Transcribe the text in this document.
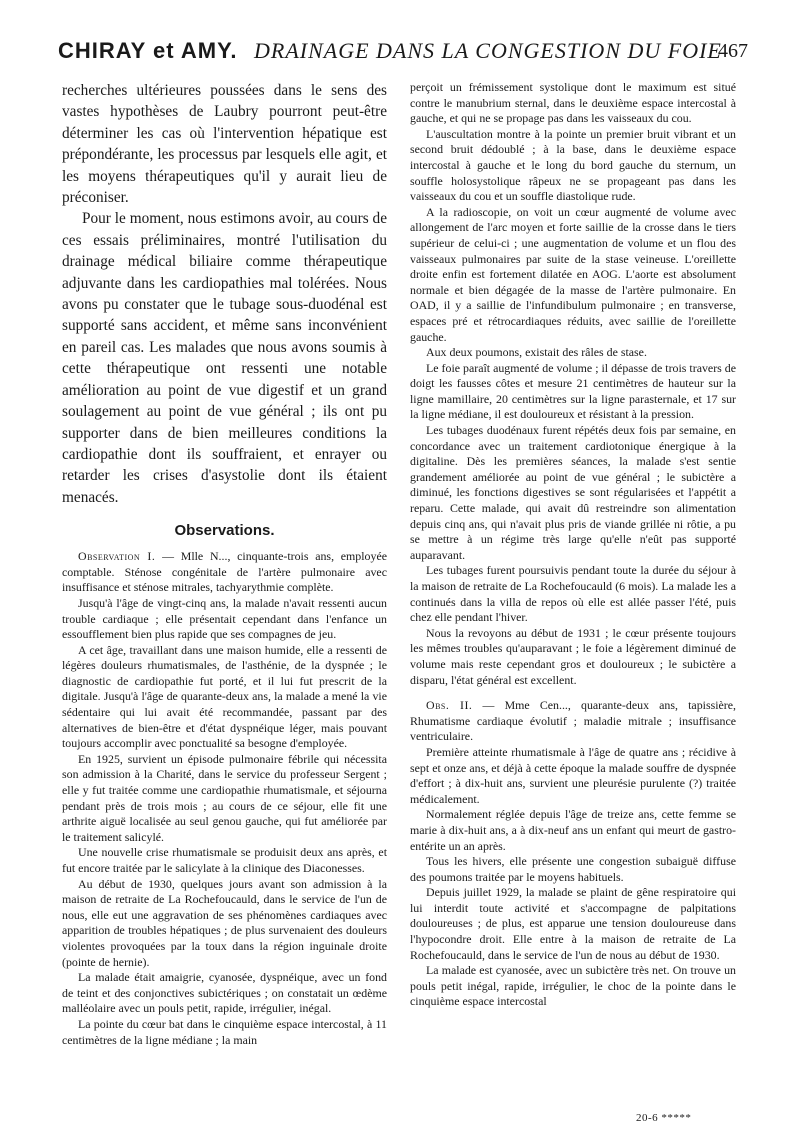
CHIRAY et AMY. DRAINAGE DANS LA CONGESTION DU FOIE
467

recherches ultérieures poussées dans le sens des vastes hypothèses de Laubry pourront peut-être déterminer les cas où l'intervention hépatique est prépondérante, les processus par lesquels elle agit, et les moyens thérapeutiques qu'il y aurait lieu de préconiser.

Pour le moment, nous estimons avoir, au cours de ces essais préliminaires, montré l'utilisation du drainage médical biliaire comme thérapeutique adjuvante dans les cardiopathies mal tolérées. Nous avons pu constater que le tubage sous-duodénal est supporté sans accident, et même sans inconvénient en pareil cas. Les malades que nous avons soumis à cette thérapeutique ont ressenti une notable amélioration au point de vue digestif et un grand soulagement au point de vue général ; ils ont pu supporter dans de bien meilleures conditions la cardiopathie dont ils souffraient, et enrayer ou retarder les crises d'asystolie dont ils étaient menacés.

Observations.

Observation I. — Mlle N..., cinquante-trois ans, employée comptable. Sténose congénitale de l'artère pulmonaire avec insuffisance et sténose mitrales, tachyarythmie complète.

Jusqu'à l'âge de vingt-cinq ans, la malade n'avait ressenti aucun trouble cardiaque ; elle présentait cependant dans l'enfance un essoufflement bien plus rapide que ses compagnes de jeu.

A cet âge, travaillant dans une maison humide, elle a ressenti de légères douleurs rhumatismales, de l'asthénie, de la dyspnée ; le diagnostic de cardiopathie fut porté, et il lui fut prescrit de la digitale. Jusqu'à l'âge de quarante-deux ans, la malade a mené la vie sédentaire qui lui avait été recommandée, passant par des alternatives de bien-être et d'état dyspnéique léger, mais pouvant toujours accomplir avec ponctualité sa besogne d'employée.

En 1925, survient un épisode pulmonaire fébrile qui nécessita son admission à la Charité, dans le service du professeur Sergent ; elle y fut traitée comme une cardiopathie rhumatismale, et séjourna pendant près de trois mois ; au cours de ce séjour, elle fit une arthrite aiguë localisée au seul genou gauche, qui fut améliorée par le traitement salicylé.

Une nouvelle crise rhumatismale se produisit deux ans après, et fut encore traitée par le salicylate à la clinique des Diaconesses.

Au début de 1930, quelques jours avant son admission à la maison de retraite de La Rochefoucauld, dans le service de l'un de nous, elle eut une aggravation de ses phénomènes cardiaques avec apparition de troubles hépatiques ; de plus survenaient des douleurs violentes provoquées par la toux dans la région inguinale droite (pointe de hernie).

La malade était amaigrie, cyanosée, dyspnéique, avec un fond de teint et des conjonctives subictériques ; on constatait un œdème malléolaire avec un pouls petit, rapide, irrégulier, inégal.

La pointe du cœur bat dans le cinquième espace intercostal, à 11 centimètres de la ligne médiane ; la main

perçoit un frémissement systolique dont le maximum est situé contre le manubrium sternal, dans le deuxième espace intercostal à gauche, et qui ne se propage pas dans les vaisseaux du cou.

L'auscultation montre à la pointe un premier bruit vibrant et un second bruit dédoublé ; à la base, dans le deuxième espace intercostal à gauche et le long du bord gauche du sternum, un souffle holosystolique râpeux ne se propageant pas dans les vaisseaux du cou et un souffle diastolique rude.

A la radioscopie, on voit un cœur augmenté de volume avec allongement de l'arc moyen et forte saillie de la crosse dans le tiers supérieur de celui-ci ; une augmentation de volume et un flou des vaisseaux pulmonaires par suite de la stase veineuse. L'oreillette droite enfin est fortement dilatée en AOG. L'aorte est absolument normale et bien dégagée de la masse de l'artère pulmonaire. En OAD, il y a saillie de l'infundibulum pulmonaire ; en transverse, espaces pré et rétrocardiaques réduits, avec saillie de l'oreillette gauche.

Aux deux poumons, existait des râles de stase.

Le foie paraît augmenté de volume ; il dépasse de trois travers de doigt les fausses côtes et mesure 21 centimètres de hauteur sur la ligne mamillaire, 20 centimètres sur la ligne parasternale, et 17 sur la ligne médiane, il est douloureux et résistant à la pression.

Les tubages duodénaux furent répétés deux fois par semaine, en concordance avec un traitement cardiotonique énergique à la digitaline. Dès les premières séances, la malade s'est sentie grandement améliorée au point de vue général ; le subictère a diminué, les fonctions digestives se sont régularisées et l'appétit a reparu. Cette malade, qui avait dû restreindre son alimentation depuis cinq ans, qui n'avait plus pris de viande grillée ni rôtie, a pu se mettre à un régime très large qu'elle n'eût pas supporté auparavant.

Les tubages furent poursuivis pendant toute la durée du séjour à la maison de retraite de La Rochefoucauld (6 mois). La malade les a continués dans la villa de repos où elle est allée passer l'été, puis chez elle pendant l'hiver.

Nous la revoyons au début de 1931 ; le cœur présente toujours les mêmes troubles qu'auparavant ; le foie a légèrement diminué de volume mais reste cependant gros et douloureux ; le subictère a disparu, l'état général est excellent.

Obs. II. — Mme Cen..., quarante-deux ans, tapissière, Rhumatisme cardiaque évolutif ; maladie mitrale ; insuffisance ventriculaire.

Première atteinte rhumatismale à l'âge de quatre ans ; récidive à sept et onze ans, et déjà à cette époque la malade souffre de dyspnée d'effort ; à dix-huit ans, survient une pleurésie purulente (?) traitée médicalement.

Normalement réglée depuis l'âge de treize ans, cette femme se marie à dix-huit ans, a à dix-neuf ans un enfant qui meurt de gastro-entérite un an après.

Tous les hivers, elle présente une congestion subaiguë diffuse des poumons traitée par le moyens habituels.

Depuis juillet 1929, la malade se plaint de gêne respiratoire qui lui interdit toute activité et s'accompagne de palpitations douloureuses ; de plus, est apparue une tension douloureuse dans l'hypocondre droit. Elle entre à la maison de retraite de La Rochefoucauld, dans le service de l'un de nous au début de 1930.

La malade est cyanosée, avec un subictère très net. On trouve un pouls petit inégal, rapide, irrégulier, le choc de la pointe dans le cinquième espace intercostal

20-6 *****
